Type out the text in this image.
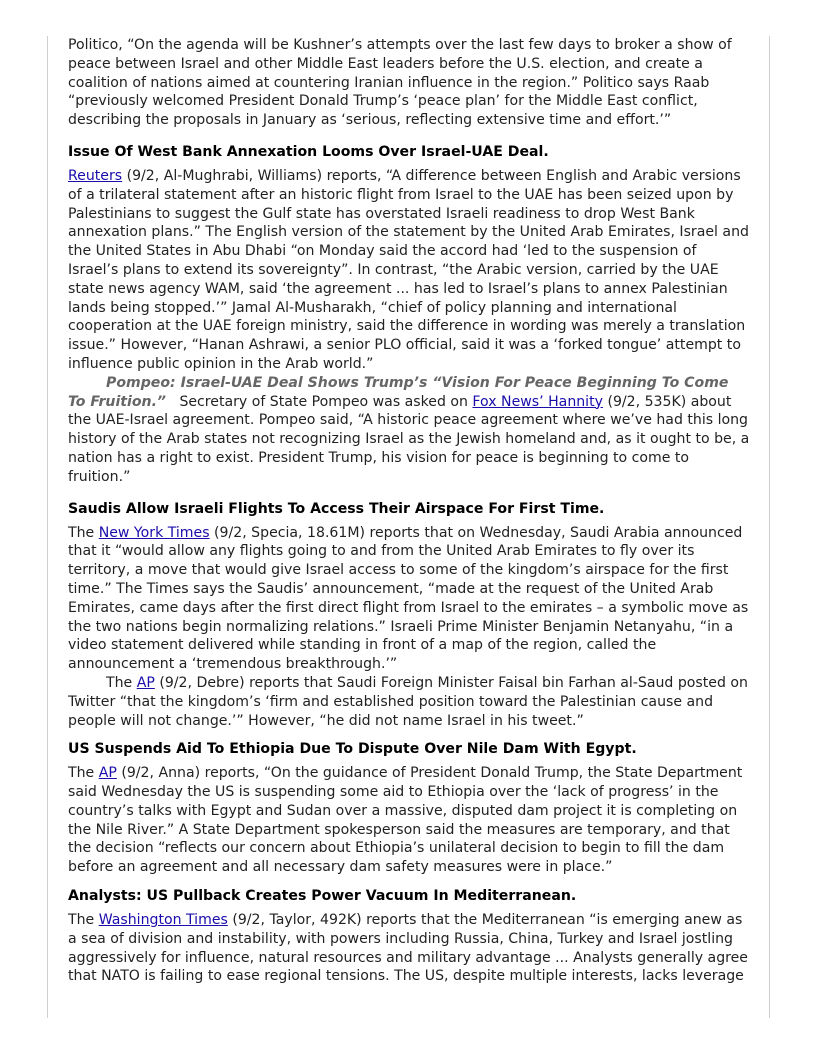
Politico, “On the agenda will be Kushner’s attempts over the last few days to broker a show of peace between Israel and other Middle East leaders before the U.S. election, and create a coalition of nations aimed at countering Iranian influence in the region.” Politico says Raab “previously welcomed President Donald Trump’s ‘peace plan’ for the Middle East conflict, describing the proposals in January as ‘serious, reflecting extensive time and effort.’”

Issue Of West Bank Annexation Looms Over Israel-UAE Deal.

Reuters (9/2, Al-Mughrabi, Williams) reports, “A difference between English and Arabic versions of a trilateral statement after an historic flight from Israel to the UAE has been seized upon by Palestinians to suggest the Gulf state has overstated Israeli readiness to drop West Bank annexation plans.” The English version of the statement by the United Arab Emirates, Israel and the United States in Abu Dhabi “on Monday said the accord had ‘led to the suspension of Israel’s plans to extend its sovereignty”. In contrast, “the Arabic version, carried by the UAE state news agency WAM, said ‘the agreement ... has led to Israel’s plans to annex Palestinian lands being stopped.’” Jamal Al-Musharakh, “chief of policy planning and international cooperation at the UAE foreign ministry, said the difference in wording was merely a translation issue.” However, “Hanan Ashrawi, a senior PLO official, said it was a ‘forked tongue’ attempt to influence public opinion in the Arab world.”

Pompeo: Israel-UAE Deal Shows Trump’s “Vision For Peace Beginning To Come To Fruition.”   Secretary of State Pompeo was asked on Fox News’ Hannity (9/2, 535K) about the UAE-Israel agreement. Pompeo said, “A historic peace agreement where we’ve had this long history of the Arab states not recognizing Israel as the Jewish homeland and, as it ought to be, a nation has a right to exist. President Trump, his vision for peace is beginning to come to fruition.”

Saudis Allow Israeli Flights To Access Their Airspace For First Time.

The New York Times (9/2, Specia, 18.61M) reports that on Wednesday, Saudi Arabia announced that it “would allow any flights going to and from the United Arab Emirates to fly over its territory, a move that would give Israel access to some of the kingdom’s airspace for the first time.” The Times says the Saudis’ announcement, “made at the request of the United Arab Emirates, came days after the first direct flight from Israel to the emirates – a symbolic move as the two nations begin normalizing relations.” Israeli Prime Minister Benjamin Netanyahu, “in a video statement delivered while standing in front of a map of the region, called the announcement a ‘tremendous breakthrough.’”

The AP (9/2, Debre) reports that Saudi Foreign Minister Faisal bin Farhan al-Saud posted on Twitter “that the kingdom’s ‘firm and established position toward the Palestinian cause and people will not change.’” However, “he did not name Israel in his tweet.”

US Suspends Aid To Ethiopia Due To Dispute Over Nile Dam With Egypt.

The AP (9/2, Anna) reports, “On the guidance of President Donald Trump, the State Department said Wednesday the US is suspending some aid to Ethiopia over the ‘lack of progress’ in the country’s talks with Egypt and Sudan over a massive, disputed dam project it is completing on the Nile River.” A State Department spokesperson said the measures are temporary, and that the decision “reflects our concern about Ethiopia’s unilateral decision to begin to fill the dam before an agreement and all necessary dam safety measures were in place.”

Analysts: US Pullback Creates Power Vacuum In Mediterranean.

The Washington Times (9/2, Taylor, 492K) reports that the Mediterranean “is emerging anew as a sea of division and instability, with powers including Russia, China, Turkey and Israel jostling aggressively for influence, natural resources and military advantage ... Analysts generally agree that NATO is failing to ease regional tensions. The US, despite multiple interests, lacks leverage
